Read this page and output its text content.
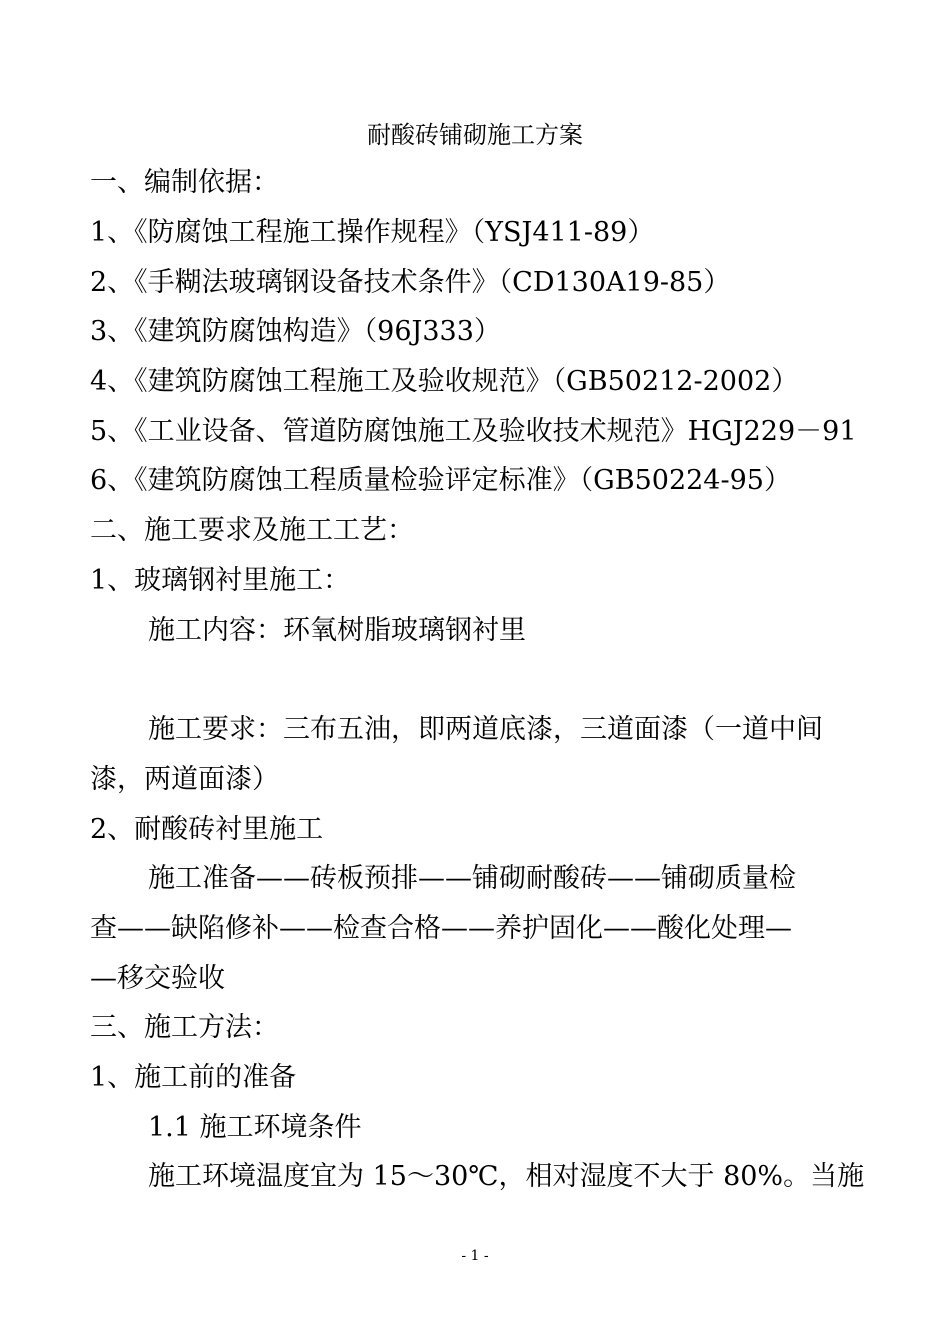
耐酸砖铺砌施工方案
一、编制依据：
1、《防腐蚀工程施工操作规程》（YSJ411-89）
2、《手糊法玻璃钢设备技术条件》（CD130A19-85）
3、《建筑防腐蚀构造》（96J333）
4、《建筑防腐蚀工程施工及验收规范》（GB50212-2002）
5、《工业设备、管道防腐蚀施工及验收技术规范》HGJ229－91
6、《建筑防腐蚀工程质量检验评定标准》（GB50224-95）
二、施工要求及施工工艺：
1、玻璃钢衬里施工：
施工内容：环氧树脂玻璃钢衬里
施工要求：三布五油，即两道底漆，三道面漆（一道中间
漆，两道面漆）
2、耐酸砖衬里施工
施工准备——砖板预排——铺砌耐酸砖——铺砌质量检
查——缺陷修补——检查合格——养护固化——酸化处理—
—移交验收
三、施工方法：
1、施工前的准备
1.1 施工环境条件
施工环境温度宜为 15～30℃，相对湿度不大于 80%。当施
- 1 -
